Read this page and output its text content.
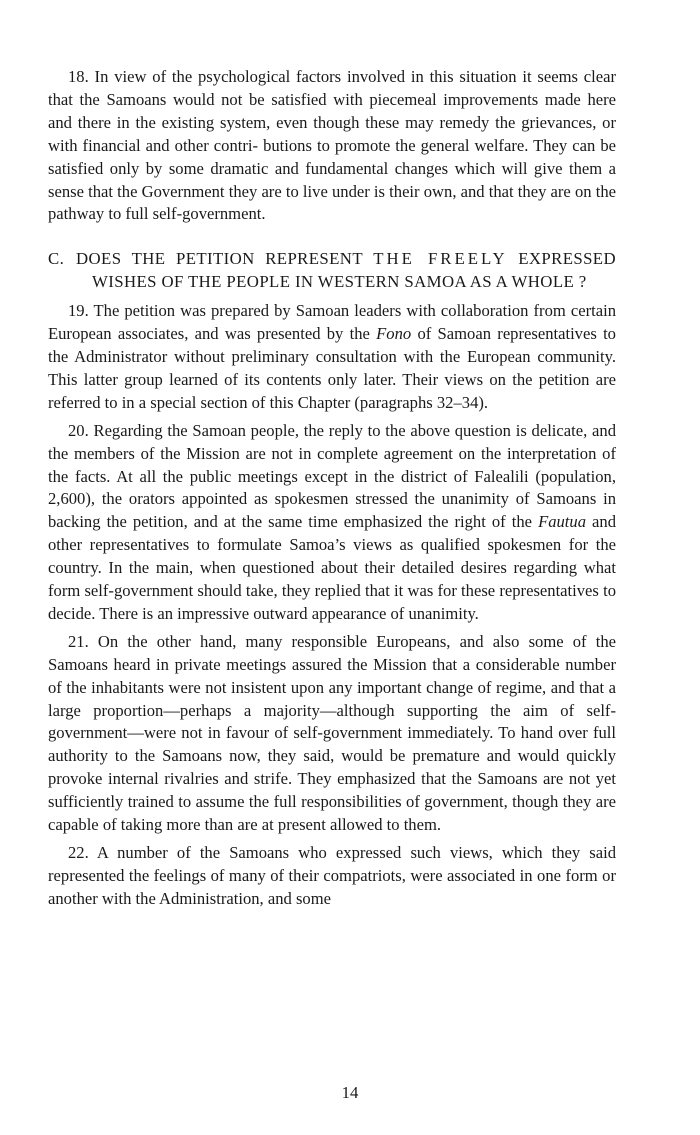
18. In view of the psychological factors involved in this situation it seems clear that the Samoans would not be satisfied with piecemeal improvements made here and there in the existing system, even though these may remedy the grievances, or with financial and other contri- butions to promote the general welfare. They can be satisfied only by some dramatic and fundamental changes which will give them a sense that the Government they are to live under is their own, and that they are on the pathway to full self-government.

C. DOES THE PETITION REPRESENT THE FREELY EXPRESSED WISHES OF THE PEOPLE IN WESTERN SAMOA AS A WHOLE ?

19. The petition was prepared by Samoan leaders with collaboration from certain European associates, and was presented by the Fono of Samoan representatives to the Administrator without preliminary consultation with the European community. This latter group learned of its contents only later. Their views on the petition are referred to in a special section of this Chapter (paragraphs 32–34).

20. Regarding the Samoan people, the reply to the above question is delicate, and the members of the Mission are not in complete agreement on the interpretation of the facts. At all the public meetings except in the district of Falealili (population, 2,600), the orators appointed as spokesmen stressed the unanimity of Samoans in backing the petition, and at the same time emphasized the right of the Fautua and other representatives to formulate Samoa’s views as qualified spokesmen for the country. In the main, when questioned about their detailed desires regarding what form self-government should take, they replied that it was for these representatives to decide. There is an impressive outward appearance of unanimity.

21. On the other hand, many responsible Europeans, and also some of the Samoans heard in private meetings assured the Mission that a considerable number of the inhabitants were not insistent upon any important change of regime, and that a large proportion—perhaps a majority—although supporting the aim of self-government—were not in favour of self-government immediately. To hand over full authority to the Samoans now, they said, would be premature and would quickly provoke internal rivalries and strife. They emphasized that the Samoans are not yet sufficiently trained to assume the full responsibilities of government, though they are capable of taking more than are at present allowed to them.

22. A number of the Samoans who expressed such views, which they said represented the feelings of many of their compatriots, were associated in one form or another with the Administration, and some

14
